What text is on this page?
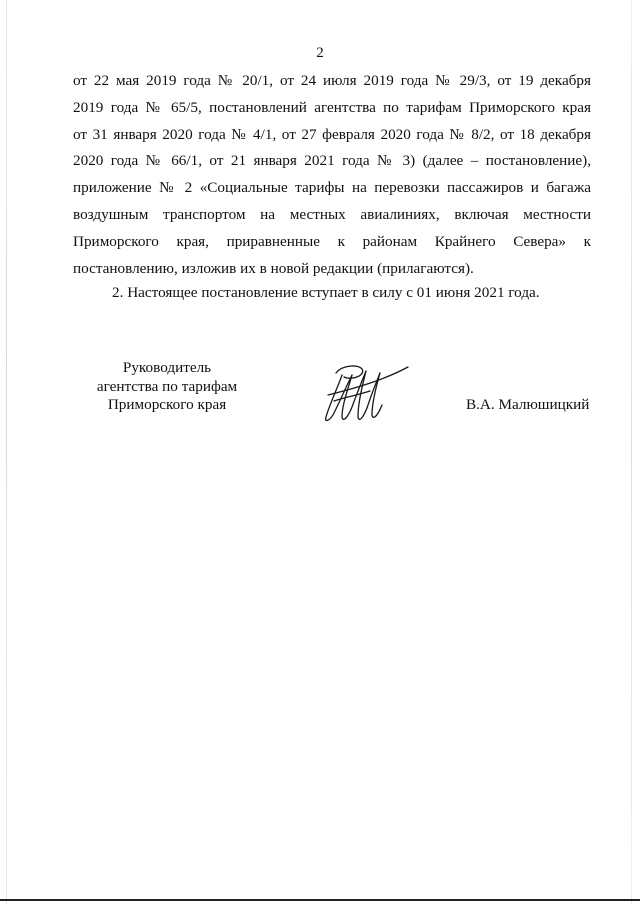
2
от 22 мая 2019 года № 20/1, от 24 июля 2019 года № 29/3, от 19 декабря
2019 года № 65/5, постановлений агентства по тарифам Приморского края
от 31 января 2020 года № 4/1, от 27 февраля 2020 года № 8/2, от 18 декабря
2020 года № 66/1, от 21 января 2021 года № 3) (далее – постановление),
приложение № 2 «Социальные тарифы на перевозки пассажиров и багажа
воздушным транспортом на местных авиалиниях, включая местности
Приморского края, приравненные к районам Крайнего Севера» к
постановлению, изложив их в новой редакции (прилагаются).
2. Настоящее постановление вступает в силу с 01 июня 2021 года.
Руководитель
агентства по тарифам
Приморского края	В.А. Малюшицкий
